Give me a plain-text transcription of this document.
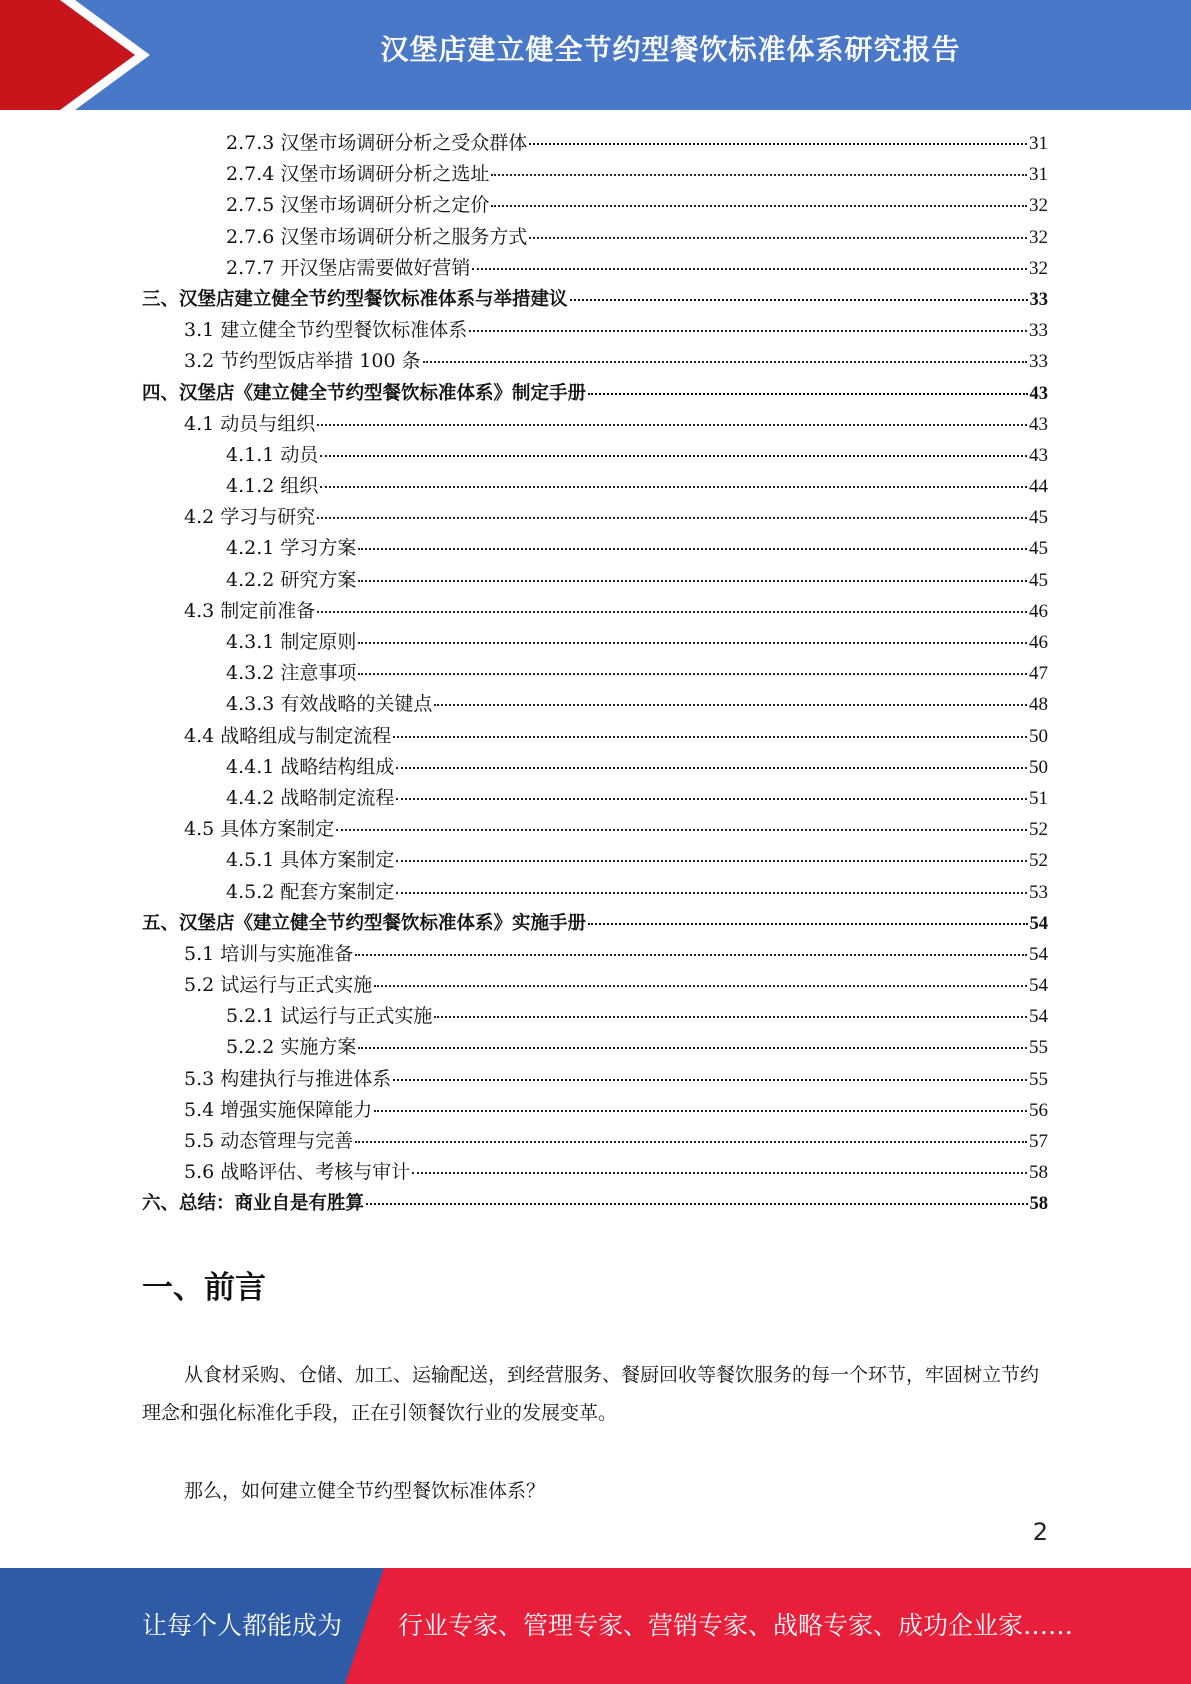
汉堡店建立健全节约型餐饮标准体系研究报告
2.7.3 汉堡市场调研分析之受众群体	31
2.7.4 汉堡市场调研分析之选址	31
2.7.5 汉堡市场调研分析之定价	32
2.7.6 汉堡市场调研分析之服务方式	32
2.7.7 开汉堡店需要做好营销	32
三、汉堡店建立健全节约型餐饮标准体系与举措建议	33
3.1 建立健全节约型餐饮标准体系	33
3.2 节约型饭店举措 100 条	33
四、汉堡店《建立健全节约型餐饮标准体系》制定手册	43
4.1 动员与组织	43
4.1.1 动员	43
4.1.2 组织	44
4.2 学习与研究	45
4.2.1 学习方案	45
4.2.2 研究方案	45
4.3 制定前准备	46
4.3.1 制定原则	46
4.3.2 注意事项	47
4.3.3 有效战略的关键点	48
4.4 战略组成与制定流程	50
4.4.1 战略结构组成	50
4.4.2 战略制定流程	51
4.5 具体方案制定	52
4.5.1 具体方案制定	52
4.5.2 配套方案制定	53
五、汉堡店《建立健全节约型餐饮标准体系》实施手册	54
5.1 培训与实施准备	54
5.2 试运行与正式实施	54
5.2.1 试运行与正式实施	54
5.2.2 实施方案	55
5.3 构建执行与推进体系	55
5.4 增强实施保障能力	56
5.5 动态管理与完善	57
5.6 战略评估、考核与审计	58
六、总结：商业自是有胜算	58
一、前言

从食材采购、仓储、加工、运输配送，到经营服务、餐厨回收等餐饮服务的每一个环节，牢固树立节约理念和强化标准化手段，正在引领餐饮行业的发展变革。

那么，如何建立健全节约型餐饮标准体系？

2
让每个人都能成为 行业专家、管理专家、营销专家、战略专家、成功企业家……
